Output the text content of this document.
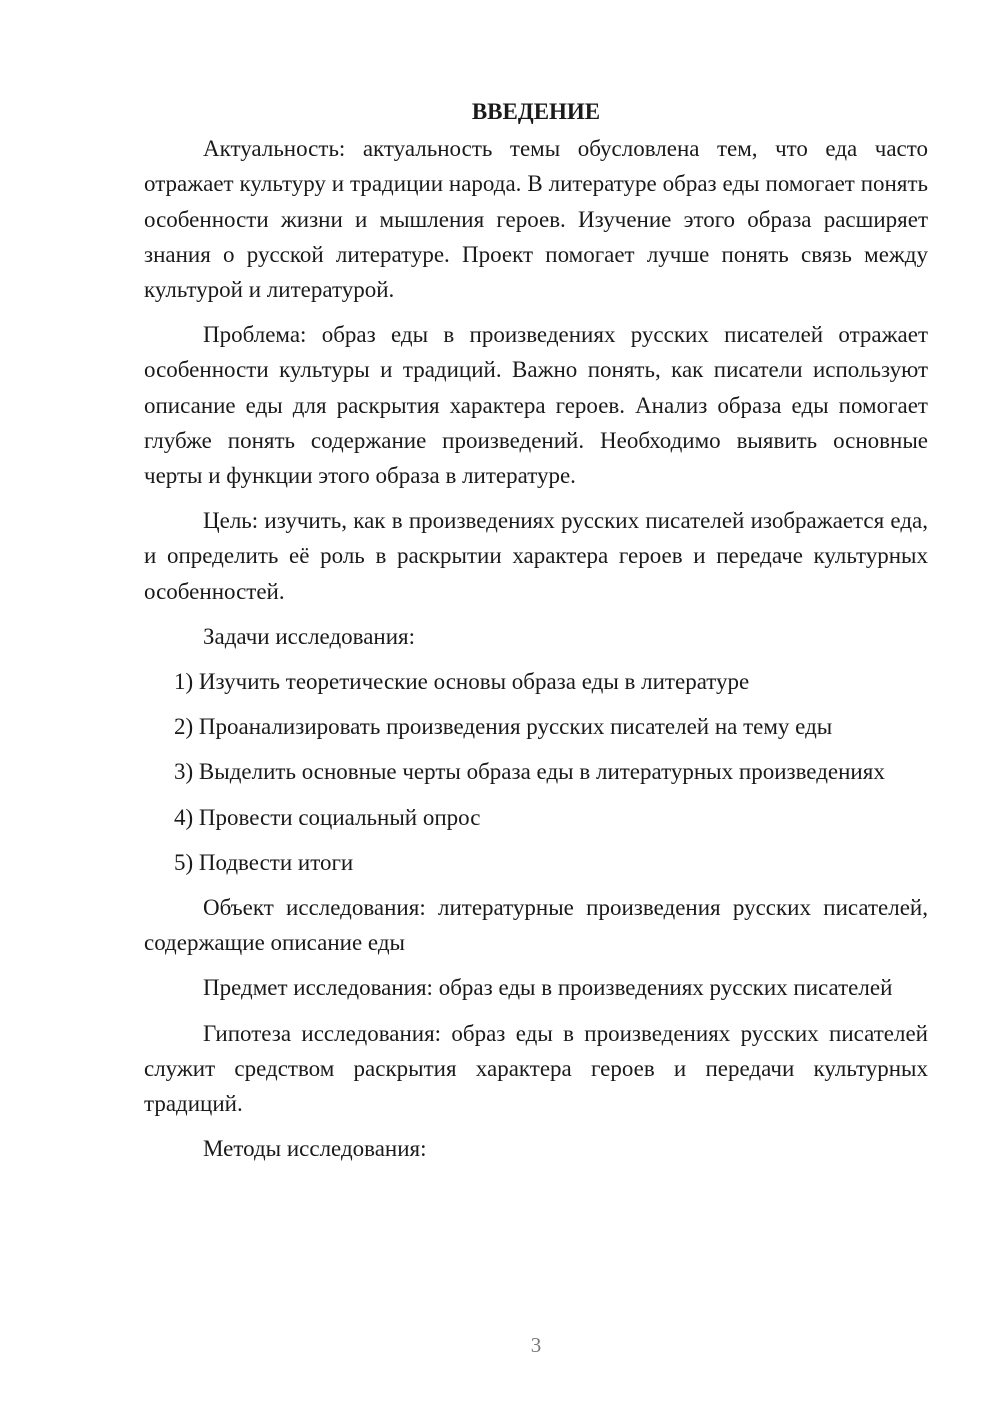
ВВЕДЕНИЕ

Актуальность: актуальность темы обусловлена тем, что еда часто отражает культуру и традиции народа. В литературе образ еды помогает понять особенности жизни и мышления героев. Изучение этого образа расширяет знания о русской литературе. Проект помогает лучше понять связь между культурой и литературой.

Проблема: образ еды в произведениях русских писателей отражает особенности культуры и традиций. Важно понять, как писатели используют описание еды для раскрытия характера героев. Анализ образа еды помогает глубже понять содержание произведений. Необходимо выявить основные черты и функции этого образа в литературе.

Цель: изучить, как в произведениях русских писателей изображается еда, и определить её роль в раскрытии характера героев и передаче культурных особенностей.

Задачи исследования:

1) Изучить теоретические основы образа еды в литературе

2) Проанализировать произведения русских писателей на тему еды

3) Выделить основные черты образа еды в литературных произведениях

4) Провести социальный опрос

5) Подвести итоги

Объект исследования: литературные произведения русских писателей, содержащие описание еды

Предмет исследования: образ еды в произведениях русских писателей

Гипотеза исследования: образ еды в произведениях русских писателей служит средством раскрытия характера героев и передачи культурных традиций.

Методы исследования:

3
